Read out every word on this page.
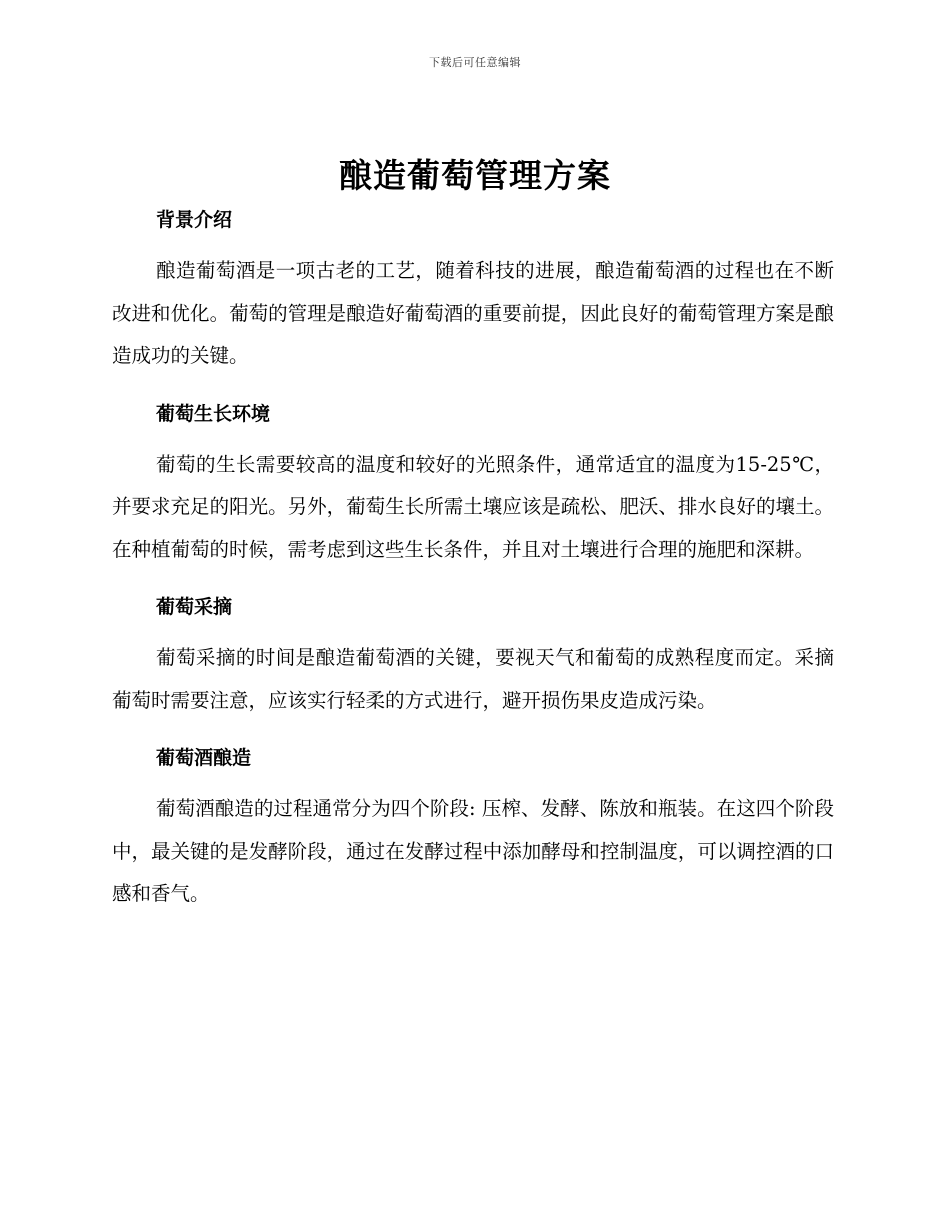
下载后可任意编辑
酿造葡萄管理方案
背景介绍

酿造葡萄酒是一项古老的工艺，随着科技的进展，酿造葡萄酒的过程也在不断改进和优化。葡萄的管理是酿造好葡萄酒的重要前提，因此良好的葡萄管理方案是酿造成功的关键。

葡萄生长环境

葡萄的生长需要较高的温度和较好的光照条件，通常适宜的温度为15-25℃，并要求充足的阳光。另外，葡萄生长所需土壤应该是疏松、肥沃、排水良好的壤土。在种植葡萄的时候，需考虑到这些生长条件，并且对土壤进行合理的施肥和深耕。

葡萄采摘

葡萄采摘的时间是酿造葡萄酒的关键，要视天气和葡萄的成熟程度而定。采摘葡萄时需要注意，应该实行轻柔的方式进行，避开损伤果皮造成污染。

葡萄酒酿造

葡萄酒酿造的过程通常分为四个阶段: 压榨、发酵、陈放和瓶装。在这四个阶段中，最关键的是发酵阶段，通过在发酵过程中添加酵母和控制温度，可以调控酒的口感和香气。
